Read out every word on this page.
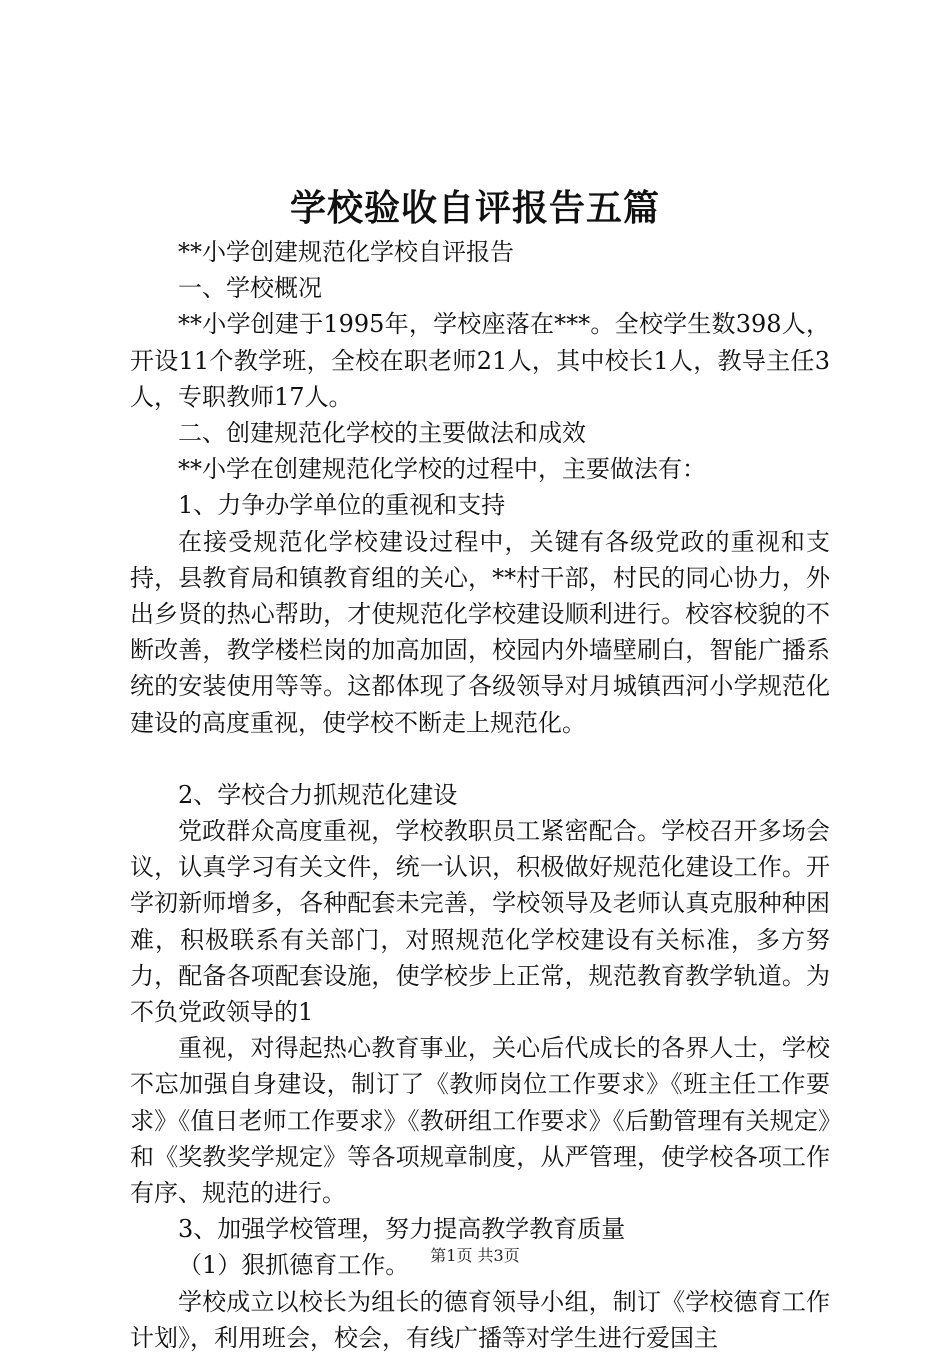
学校验收自评报告五篇

**小学创建规范化学校自评报告

一、学校概况

**小学创建于1995年，学校座落在***。全校学生数398人，开设11个教学班，全校在职老师21人，其中校长1人，教导主任3人，专职教师17人。

二、创建规范化学校的主要做法和成效

**小学在创建规范化学校的过程中，主要做法有：

1、力争办学单位的重视和支持

在接受规范化学校建设过程中，关键有各级党政的重视和支持，县教育局和镇教育组的关心，**村干部，村民的同心协力，外出乡贤的热心帮助，才使规范化学校建设顺利进行。校容校貌的不断改善，教学楼栏岗的加高加固，校园内外墙壁刷白，智能广播系统的安装使用等等。这都体现了各级领导对月城镇西河小学规范化建设的高度重视，使学校不断走上规范化。

2、学校合力抓规范化建设

党政群众高度重视，学校教职员工紧密配合。学校召开多场会议，认真学习有关文件，统一认识，积极做好规范化建设工作。开学初新师增多，各种配套未完善，学校领导及老师认真克服种种困难，积极联系有关部门，对照规范化学校建设有关标准，多方努力，配备各项配套设施，使学校步上正常，规范教育教学轨道。为不负党政领导的1

重视，对得起热心教育事业，关心后代成长的各界人士，学校不忘加强自身建设，制订了《教师岗位工作要求》《班主任工作要求》《值日老师工作要求》《教研组工作要求》《后勤管理有关规定》和《奖教奖学规定》等各项规章制度，从严管理，使学校各项工作有序、规范的进行。

3、加强学校管理，努力提高教学教育质量

（1）狠抓德育工作。

学校成立以校长为组长的德育领导小组，制订《学校德育工作计划》，利用班会，校会，有线广播等对学生进行爱国主

第1页 共3页
